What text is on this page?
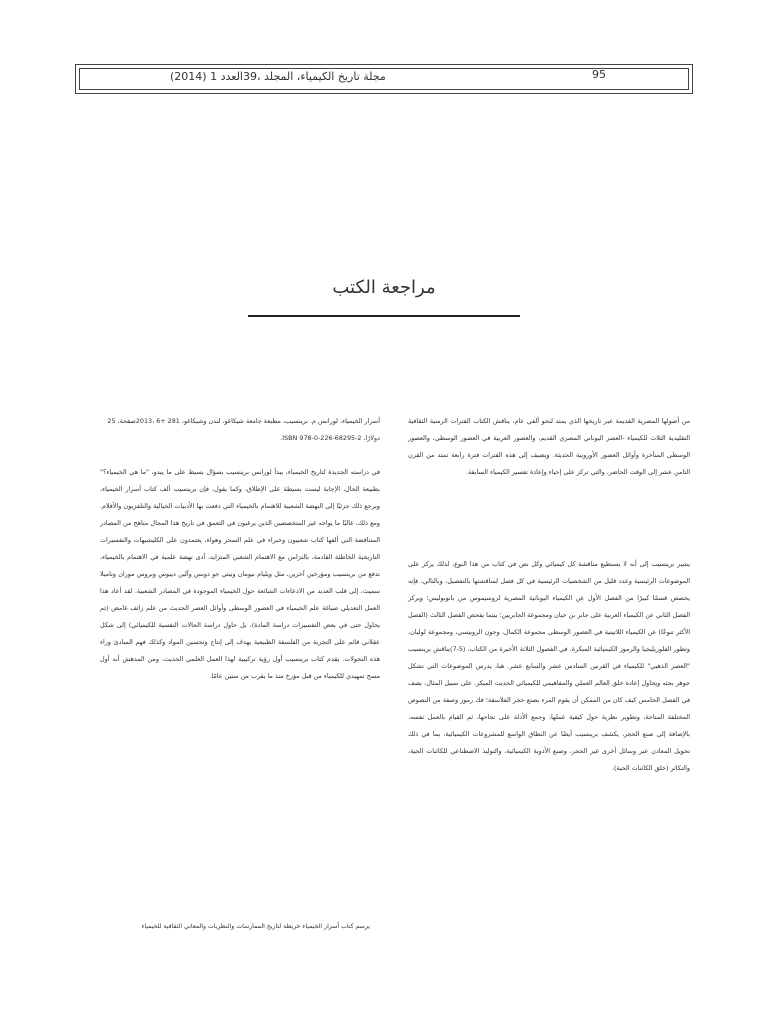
95
مجلة تاريخ الكيمياء، المجلد ،39العدد 1 (2014)
مراجعة الكتب

أسرار الخيمياء، لورانس م. برينسيب، مطبعة جامعة شيكاغو، لندن وشيكاغو، 281 +6 ،2013صفحة، 25

دولارًا، ISBN 978-0-226-68295-2.

في دراسته الجديدة لتاريخ الخيمياء، يبدأ لورانس برينسيب بسؤال بسيط على ما يبدو، "ما هي الخيمياء؟" بطبيعة الحال، الإجابة ليست بسيطة على الإطلاق، وكما يقول، فإن برينسيب ألف كتاب أسرار الخيمياء، ويرجع ذلك جزئيًا إلى النهضة الشعبية للاهتمام بالخيمياء التي دفعت بها الأدبيات الخيالية والتلفزيون والأفلام. ومع ذلك، غالبًا ما يواجه غير المتخصصين الذين يرغبون في التعمق في تاريخ هذا المجال مناهج من المصادر المتناقضة التي ألفها كتاب شعبيون وخبراء في علم السحر وهواة، يعتمدون على الكليشيهات والتفسيرات التاريخية الخاطئة القادمة، بالتزامن مع الاهتمام الشعبي المتزايد، أدى نهضة علمية في الاهتمام بالخيمياء، تدفع من برينسيب ومؤرخين آخرين، مثل ويليام نيومان وبيتي جو دوبس وآلين ديبوس وبروس موران وتاميلا سميث، إلى قلب العديد من الادعاءات الشائعة حول الخيمياء الموجودة في المصادر الشعبية. لقد أعاد هذا العمل التعديلي صياغة علم الخيمياء في العصور الوسطى وأوائل العصر الحديث من علم زائف غامض (ثم يحاول حتى في بعض التفسيرات دراسة المادة)، بل حاول دراسة الحالات النفسية للكيميائي) إلى شكل عقلاني قائم على التجربة من الفلسفة الطبيعية يهدف إلى إنتاج وتحسين المواد وكذلك فهم المبادئ وراء هذه التحولات. يقدم كتاب برينسيب أول رؤية تركيبية لهذا العمل العلمي الحديث، ومن المدهش أنه أول مسح تمهيدي للكيمياء من قبل مؤرخ منذ ما يقرب من ستين عامًا.

من أصولها المصرية القديمة عبر تاريخها الذي يمتد لنحو ألفي عام، يناقش الكتاب الفترات الزمنية الثقافية التقليدية الثلاث للكيمياء -العصر اليوناني المصري القديم، والعصور العربية في العصور الوسطى، والعصور الوسطى المتأخرة وأوائل العصور الأوروبية الحديثة. ويضيف إلى هذه الفترات فترة رابعة تمتد من القرن الثامن عشر إلى الوقت الحاضر، والتي تركز على إحياء وإعادة تفسير الكيمياء السابقة.

يشير برينسيب إلى أنه لا يستطيع مناقشة كل كيميائي وكل نص في كتاب من هذا النوع، لذلك يركز على الموضوعات الرئيسية وعدد قليل من الشخصيات الرئيسية في كل فصل لمناقشتها بالتفصيل، وبالتالي، فإنه يخصص قسمًا كبيرًا من الفصل الأول عن الكيمياء اليونانية المصرية لزوسيموس من بانوبوليس؛ ويركز الفصل الثاني عن الكيمياء العربية على جابر بن حيان ومجموعة الجابريين؛ بينما يفحص الفصل الثالث (الفصل الأكثر تنوعًا) عن الكيمياء اللاتينية في العصور الوسطى مجموعة الكمال، وجون الروبيسي، ومجموعة لوليان، وتطور الفلوريليجيا والرموز الكيميائية المبكرة. في الفصول الثلاثة الأخيرة من الكتاب، (5-7)يناقش برينسيب "العصر الذهبي" للكيمياء في القرنين السادس عشر والسابع عشر. هنا، يدرس الموضوعات التي تشكل جوهر بحثه ويحاول إعادة خلق العالم العملي والمفاهيمي للكيميائي الحديث المبكر. على سبيل المثال، يصف في الفصل الخامس كيف كان من الممكن أن يقوم المرء بصنع حجر الفلاسفة؛ فك رموز وصفة من النصوص المختلفة المتاحة، وتطوير نظرية حول كيفية عملها، وجمع الأدلة على نجاحها، ثم القيام بالعمل نفسه. بالإضافة إلى صنع الحجر، يكشف برينسيب أيضًا عن النطاق الواسع للمشروعات الكيميائية، بما في ذلك تحويل المعادن عبر وسائل أخرى غير الحجر، وصنع الأدوية الكيميائية، والتوليد الاصطناعي للكائنات الحية، والتكاثر (خلق الكائنات الحية).

يرسم كتاب أسرار الخيمياء خريطة لتاريخ الممارسات والنظريات والمعاني الثقافية للخيمياء
